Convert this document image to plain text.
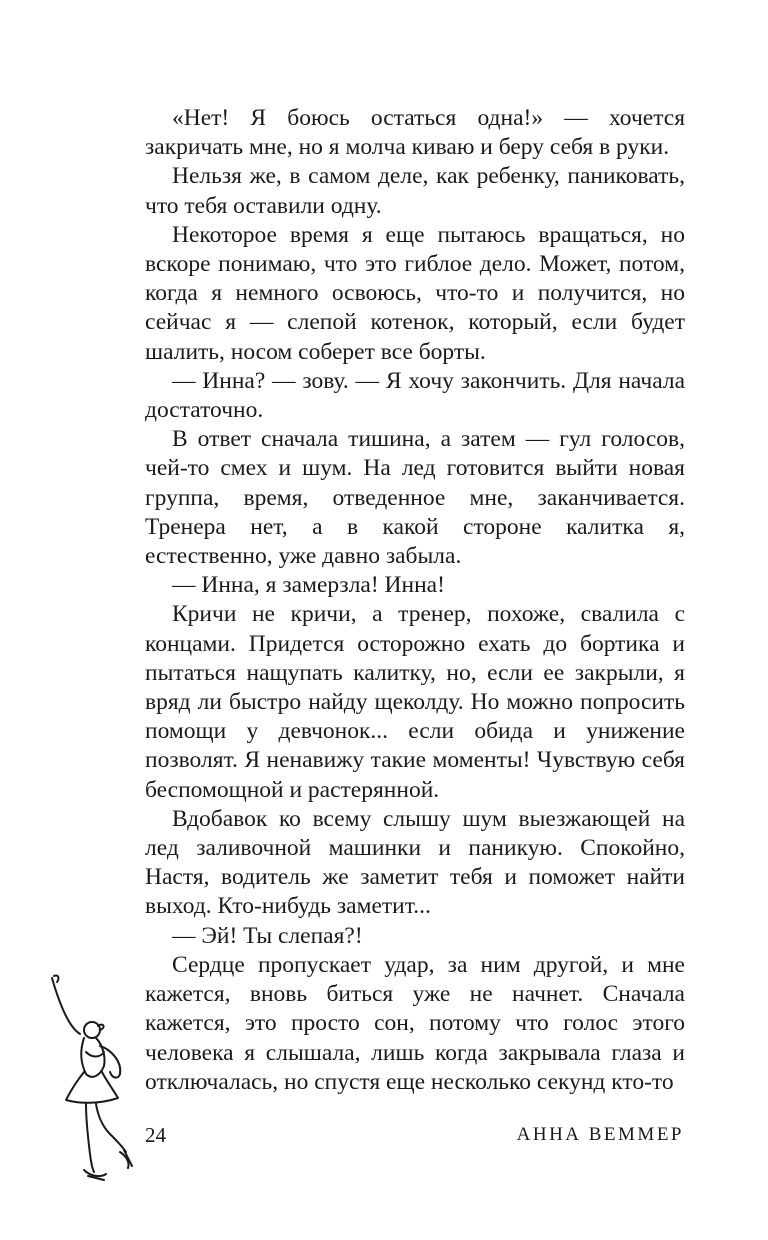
«Нет! Я боюсь остаться одна!» — хочется закричать мне, но я молча киваю и беру себя в руки.

Нельзя же, в самом деле, как ребенку, паниковать, что тебя оставили одну.

Некоторое время я еще пытаюсь вращаться, но вскоре понимаю, что это гиблое дело. Может, потом, когда я немного освоюсь, что-то и получится, но сейчас я — слепой котенок, который, если будет шалить, носом соберет все борты.

— Инна? — зову. — Я хочу закончить. Для начала достаточно.

В ответ сначала тишина, а затем — гул голосов, чей-то смех и шум. На лед готовится выйти новая группа, время, отведенное мне, заканчивается. Тренера нет, а в какой стороне калитка я, естественно, уже давно забыла.

— Инна, я замерзла! Инна!

Кричи не кричи, а тренер, похоже, свалила с концами. Придется осторожно ехать до бортика и пытаться нащупать калитку, но, если ее закрыли, я вряд ли быстро найду щеколду. Но можно попросить помощи у девчонок... если обида и унижение позволят. Я ненавижу такие моменты! Чувствую себя беспомощной и растерянной.

Вдобавок ко всему слышу шум выезжающей на лед заливочной машинки и паникую. Спокойно, Настя, водитель же заметит тебя и поможет найти выход. Кто-нибудь заметит...

— Эй! Ты слепая?!

Сердце пропускает удар, за ним другой, и мне кажется, вновь биться уже не начнет. Сначала кажется, это просто сон, потому что голос этого человека я слышала, лишь когда закрывала глаза и отключалась, но спустя еще несколько секунд кто-то

24	АННА ВЕММЕР
